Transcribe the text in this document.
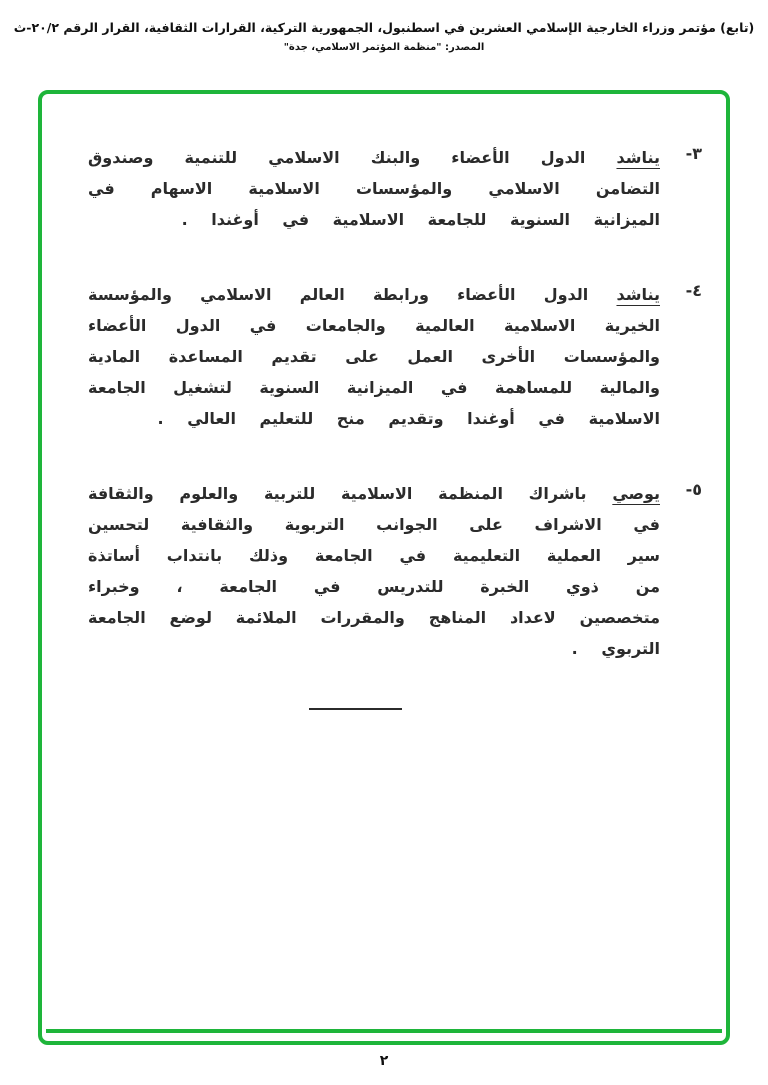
(تابع) مؤتمر وزراء الخارجية الإسلامي العشرين في اسطنبول، الجمهورية التركية، القرارات الثقافية، القرار الرقم ٢٠/٢-ث
المصدر: "منظمة المؤتمر الاسلامي، جدة"
٣-
يناشد الدول الأعضاء والبنك الاسلامي للتنمية وصندوق التضامن الاسلامي والمؤسسات الاسلامية الاسهام في الميزانية السنوية للجامعة الاسلامية في أوغندا .
٤-
يناشد الدول الأعضاء ورابطة العالم الاسلامي والمؤسسة الخيرية الاسلامية العالمية والجامعات في الدول الأعضاء والمؤسسات الأخرى العمل على تقديم المساعدة المادية والمالية للمساهمة في الميزانية السنوية لتشغيل الجامعة الاسلامية في أوغندا وتقديم منح للتعليم العالي .
٥-
يوصي باشراك المنظمة الاسلامية للتربية والعلوم والثقافة في الاشراف على الجوانب التربوية والثقافية لتحسين سير العملية التعليمية في الجامعة وذلك بانتداب أساتذة من ذوي الخبرة للتدريس في الجامعة ، وخبراء متخصصين لاعداد المناهج والمقررات الملائمة لوضع الجامعة التربوي .
٢
